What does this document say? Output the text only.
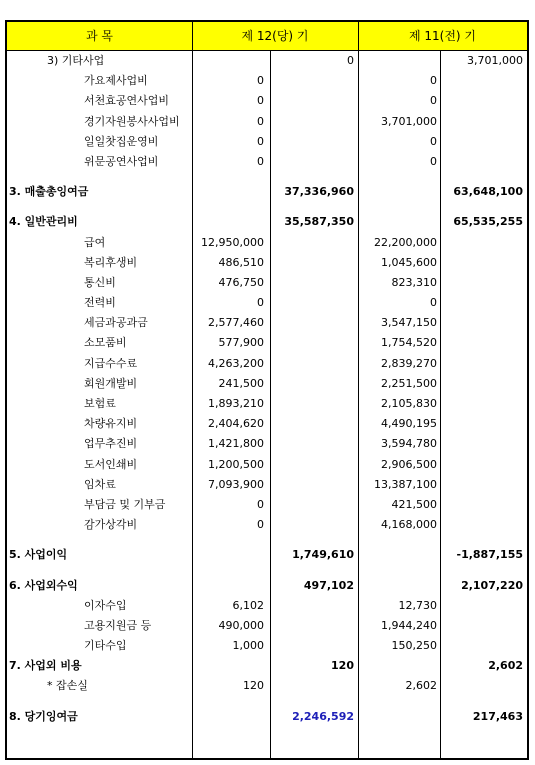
과 목	제 12(당) 기	제 11(전) 기
3) 기타사업	0	3,701,000
가요제사업비	0	0
서천효공연사업비	0	0
경기자원봉사사업비	0	3,701,000
일일찻집운영비	0	0
위문공연사업비	0	0
3. 매출총잉여금	37,336,960	63,648,100
4. 일반관리비	35,587,350	65,535,255
급여	12,950,000	22,200,000
복리후생비	486,510	1,045,600
통신비	476,750	823,310
전력비	0	0
세금과공과금	2,577,460	3,547,150
소모품비	577,900	1,754,520
지급수수료	4,263,200	2,839,270
회원개발비	241,500	2,251,500
보험료	1,893,210	2,105,830
차량유지비	2,404,620	4,490,195
업무추진비	1,421,800	3,594,780
도서인쇄비	1,200,500	2,906,500
임차료	7,093,900	13,387,100
부담금 및 기부금	0	421,500
감가상각비	0	4,168,000
5. 사업이익	1,749,610	-1,887,155
6. 사업외수익	497,102	2,107,220
이자수입	6,102	12,730
고용지원금 등	490,000	1,944,240
기타수입	1,000	150,250
7. 사업외 비용	120	2,602
* 잡손실	120	2,602
8. 당기잉여금	2,246,592	217,463
